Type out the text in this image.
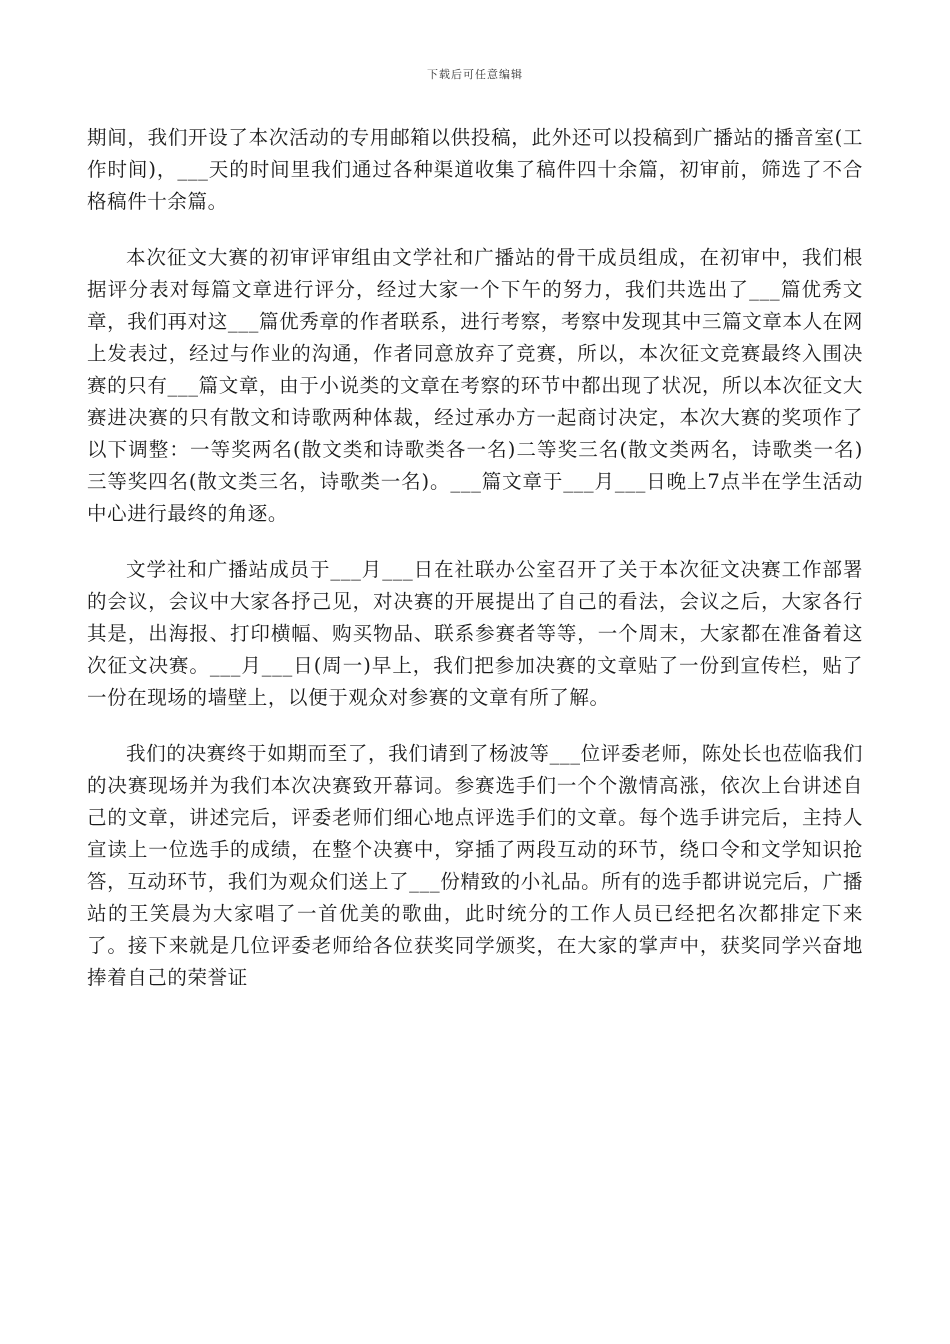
下载后可任意编辑

期间，我们开设了本次活动的专用邮箱以供投稿，此外还可以投稿到广播站的播音室(工作时间)，___天的时间里我们通过各种渠道收集了稿件四十余篇，初审前，筛选了不合格稿件十余篇。

本次征文大赛的初审评审组由文学社和广播站的骨干成员组成，在初审中，我们根据评分表对每篇文章进行评分，经过大家一个下午的努力，我们共选出了___篇优秀文章，我们再对这___篇优秀章的作者联系，进行考察，考察中发现其中三篇文章本人在网上发表过，经过与作业的沟通，作者同意放弃了竞赛，所以，本次征文竞赛最终入围决赛的只有___篇文章，由于小说类的文章在考察的环节中都出现了状况，所以本次征文大赛进决赛的只有散文和诗歌两种体裁，经过承办方一起商讨决定，本次大赛的奖项作了以下调整：一等奖两名(散文类和诗歌类各一名)二等奖三名(散文类两名，诗歌类一名)三等奖四名(散文类三名，诗歌类一名)。___篇文章于___月___日晚上7点半在学生活动中心进行最终的角逐。

文学社和广播站成员于___月___日在社联办公室召开了关于本次征文决赛工作部署的会议，会议中大家各抒己见，对决赛的开展提出了自己的看法，会议之后，大家各行其是，出海报、打印横幅、购买物品、联系参赛者等等，一个周末，大家都在准备着这次征文决赛。___月___日(周一)早上，我们把参加决赛的文章贴了一份到宣传栏，贴了一份在现场的墙壁上，以便于观众对参赛的文章有所了解。

我们的决赛终于如期而至了，我们请到了杨波等___位评委老师，陈处长也莅临我们的决赛现场并为我们本次决赛致开幕词。参赛选手们一个个激情高涨，依次上台讲述自己的文章，讲述完后，评委老师们细心地点评选手们的文章。每个选手讲完后，主持人宣读上一位选手的成绩，在整个决赛中，穿插了两段互动的环节，绕口令和文学知识抢答，互动环节，我们为观众们送上了___份精致的小礼品。所有的选手都讲说完后，广播站的王笑晨为大家唱了一首优美的歌曲，此时统分的工作人员已经把名次都排定下来了。接下来就是几位评委老师给各位获奖同学颁奖，在大家的掌声中，获奖同学兴奋地捧着自己的荣誉证
